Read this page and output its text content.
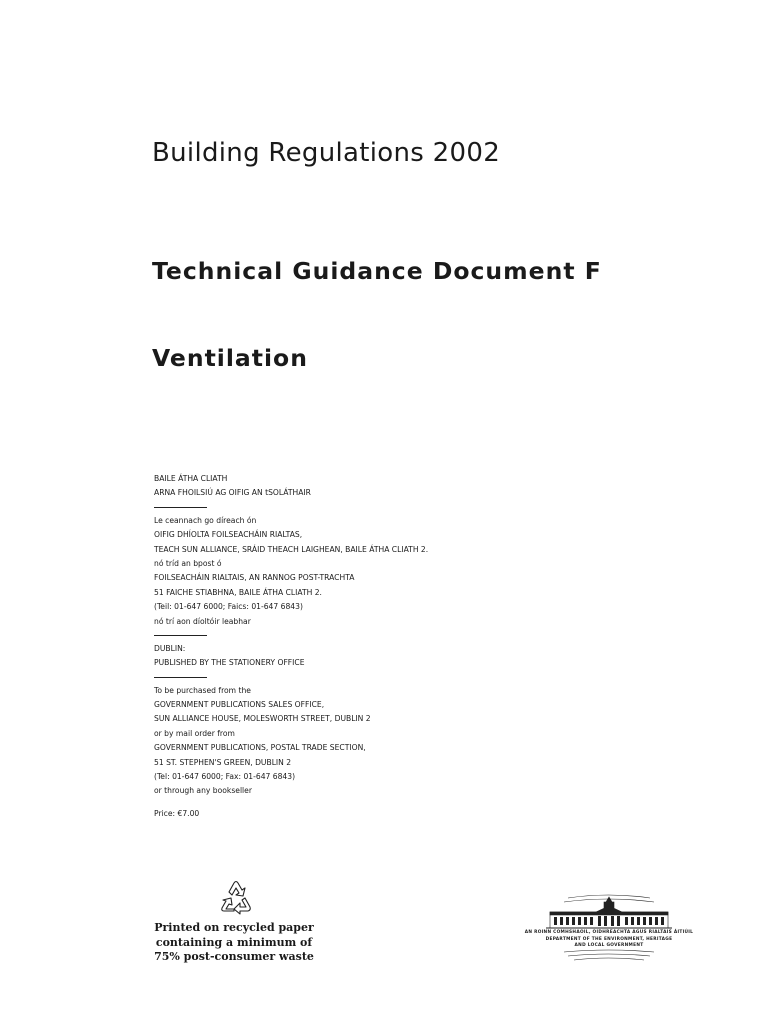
Building Regulations 2002
Technical Guidance Document F
Ventilation
BAILE ÁTHA CLIATH
ARNA FHOILSIÚ AG OIFIG AN tSOLÁTHAIR
Le ceannach go díreach ón
OIFIG DHÍOLTA FOILSEACHÁIN RIALTAS,
TEACH SUN ALLIANCE, SRÁID THEACH LAIGHEAN, BAILE ÁTHA CLIATH 2.
nó tríd an bpost ó
FOILSEACHÁIN RIALTAIS, AN RANNOG POST-TRACHTA
51 FAICHE STIABHNA, BAILE ÁTHA CLIATH 2.
(Teil: 01-647 6000; Faics: 01-647 6843)
nó trí aon díoltóir leabhar
DUBLIN:
PUBLISHED BY THE STATIONERY OFFICE
To be purchased from the
GOVERNMENT PUBLICATIONS SALES OFFICE,
SUN ALLIANCE HOUSE, MOLESWORTH STREET, DUBLIN 2
or by mail order from
GOVERNMENT PUBLICATIONS, POSTAL TRADE SECTION,
51 ST. STEPHEN'S GREEN, DUBLIN 2
(Tel: 01-647 6000; Fax: 01-647 6843)
or through any bookseller
Price: €7.00
Printed on recycled paper
containing a minimum of
75% post-consumer waste
AN ROINN COMHSHAOIL, OIDHREACHTA AGUS RIALTAIS ÁITIÚIL
DEPARTMENT OF THE ENVIRONMENT, HERITAGE
AND LOCAL GOVERNMENT
